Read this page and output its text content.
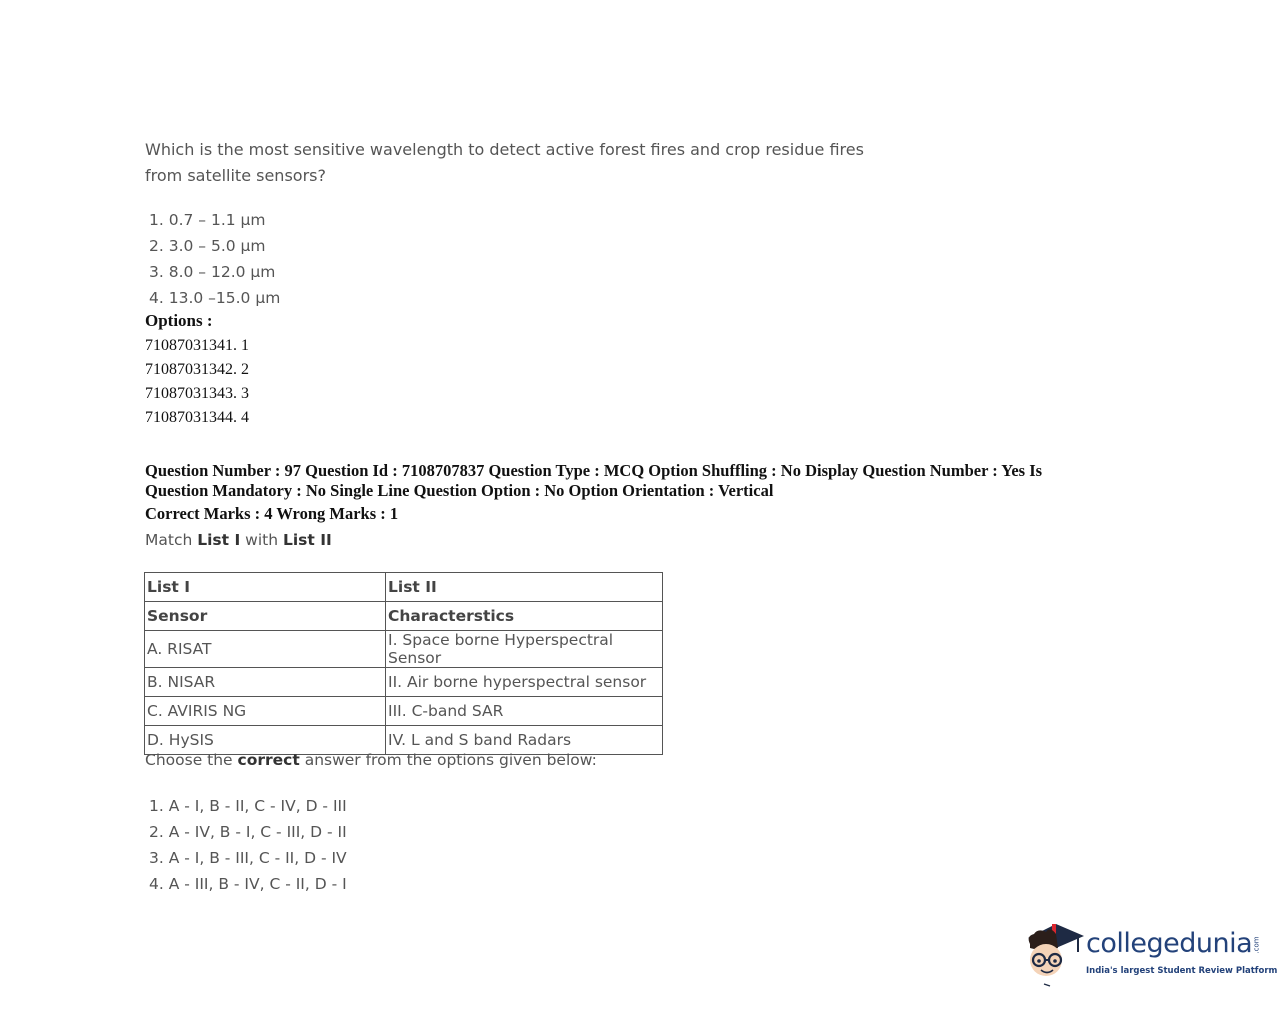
Which is the most sensitive wavelength to detect active forest fires and crop residue fires from satellite sensors?
1. 0.7 – 1.1 μm
2. 3.0 – 5.0 μm
3. 8.0 – 12.0 μm
4. 13.0 –15.0 μm
Options :
71087031341. 1
71087031342. 2
71087031343. 3
71087031344. 4
Question Number : 97 Question Id : 7108707837 Question Type : MCQ Option Shuffling : No Display Question Number : Yes Is
Question Mandatory : No Single Line Question Option : No Option Orientation : Vertical
Correct Marks : 4 Wrong Marks : 1
Match List I with List II
List I	List II
Sensor	Characterstics
A. RISAT	I. Space borne Hyperspectral Sensor
B. NISAR	II. Air borne hyperspectral sensor
C. AVIRIS NG	III. C-band SAR
D. HySIS	IV. L and S band Radars
Choose the correct answer from the options given below:
1. A - I, B - II, C - IV, D - III
2. A - IV, B - I, C - III, D - II
3. A - I, B - III, C - II, D - IV
4. A - III, B - IV, C - II, D - I
collegedunia .com
India's largest Student Review Platform
